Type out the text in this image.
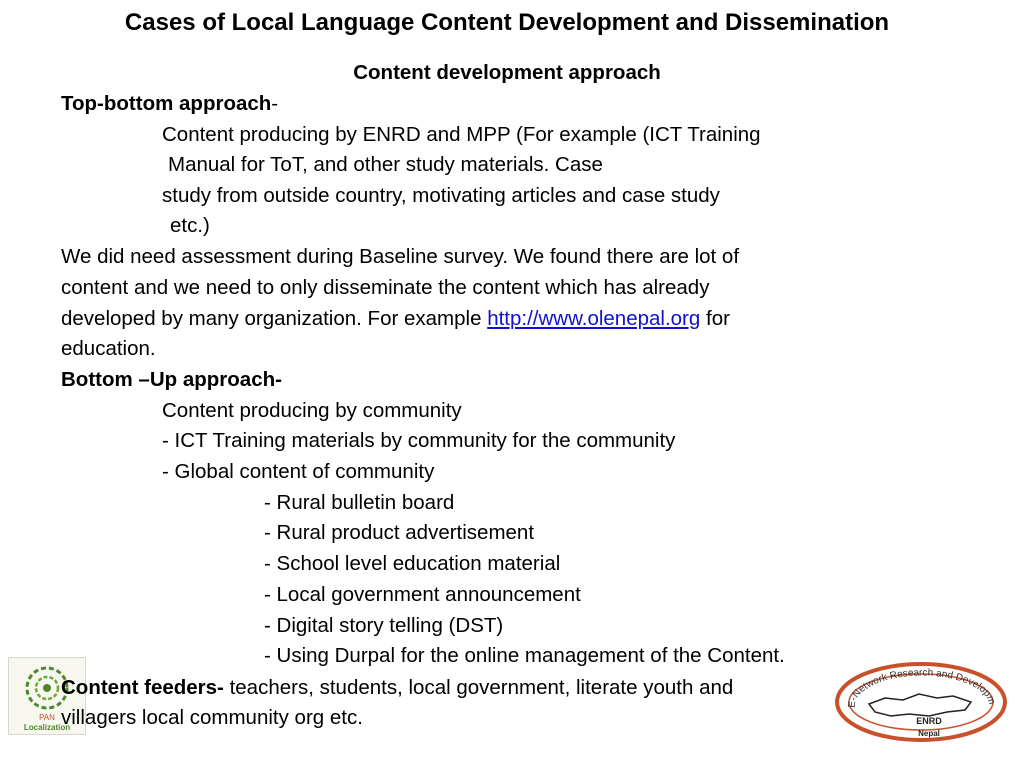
Cases of Local Language Content Development and Dissemination
Content development approach
Top-bottom approach-
Content producing by ENRD and MPP (For example (ICT Training
Manual for ToT, and other study materials. Case
study from outside country, motivating articles and case study
etc.)
We did need assessment during Baseline survey. We found there are lot of
content and we need to only disseminate the content which has already
developed by many organization. For example http://www.olenepal.org for
education.
Bottom –Up approach-
Content producing by community
- ICT Training materials by community for the community
- Global content of community
- Rural bulletin board
- Rural product advertisement
- School level education material
- Local government announcement
- Digital story telling (DST)
- Using Durpal for the online management of the Content.
PAN
Localization
E-Network Research and Developm
ENRD
Nepal
Content feeders- teachers, students, local government, literate youth and
villagers local community org etc.
